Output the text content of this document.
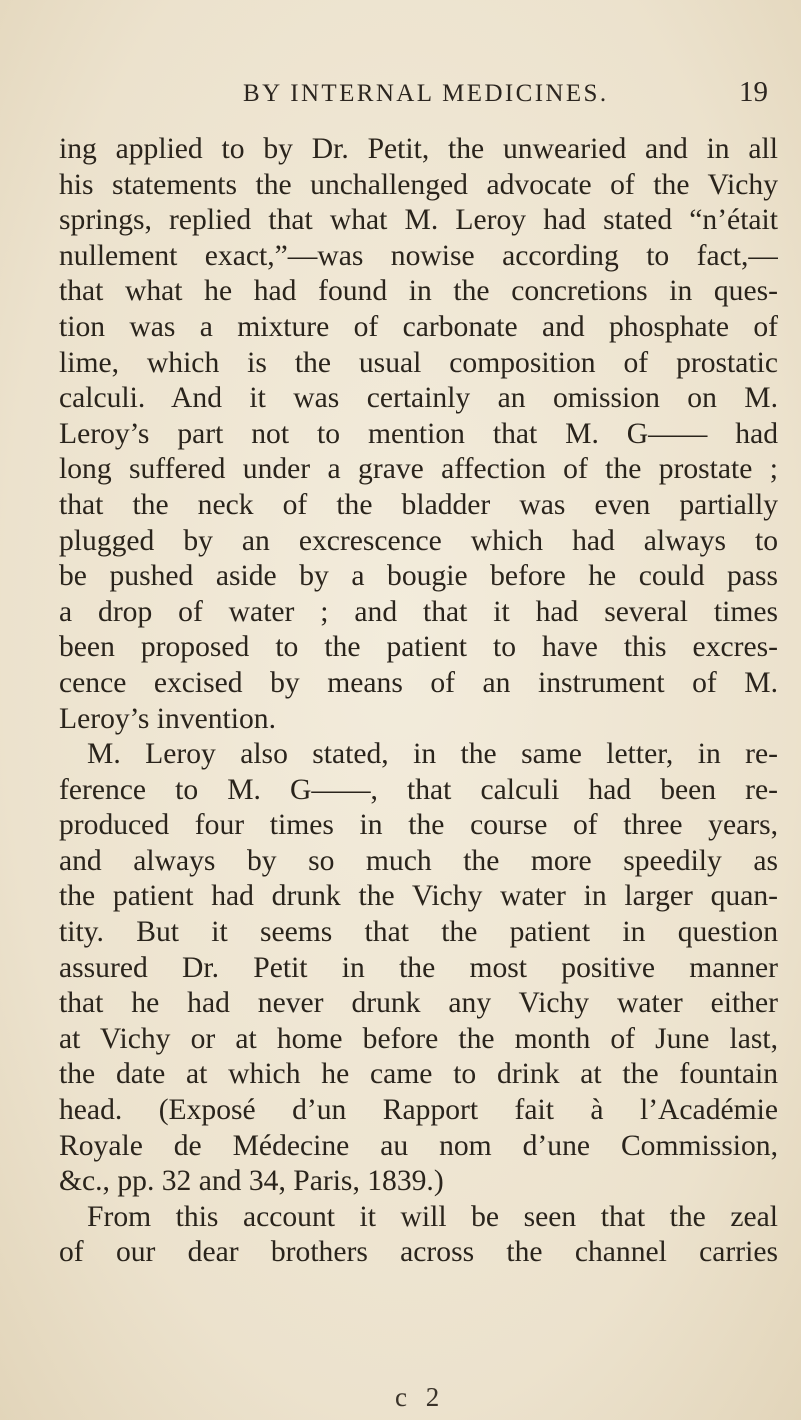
BY INTERNAL MEDICINES.	19
ing applied to by Dr. Petit, the unwearied and in all
his statements the unchallenged advocate of the Vichy
springs, replied that what M. Leroy had stated “n’était
nullement exact,”—was nowise according to fact,—
that what he had found in the concretions in ques-
tion was a mixture of carbonate and phosphate of
lime, which is the usual composition of prostatic
calculi. And it was certainly an omission on M.
Leroy’s part not to mention that M. G—— had
long suffered under a grave affection of the prostate ;
that the neck of the bladder was even partially
plugged by an excrescence which had always to
be pushed aside by a bougie before he could pass
a drop of water ; and that it had several times
been proposed to the patient to have this excres-
cence excised by means of an instrument of M.
Leroy’s invention.
M. Leroy also stated, in the same letter, in re-
ference to M. G——, that calculi had been re-
produced four times in the course of three years,
and always by so much the more speedily as
the patient had drunk the Vichy water in larger quan-
tity. But it seems that the patient in question
assured Dr. Petit in the most positive manner
that he had never drunk any Vichy water either
at Vichy or at home before the month of June last,
the date at which he came to drink at the fountain
head. (Exposé d’un Rapport fait à l’Académie
Royale de Médecine au nom d’une Commission,
&c., pp. 32 and 34, Paris, 1839.)
From this account it will be seen that the zeal
of our dear brothers across the channel carries
c 2
